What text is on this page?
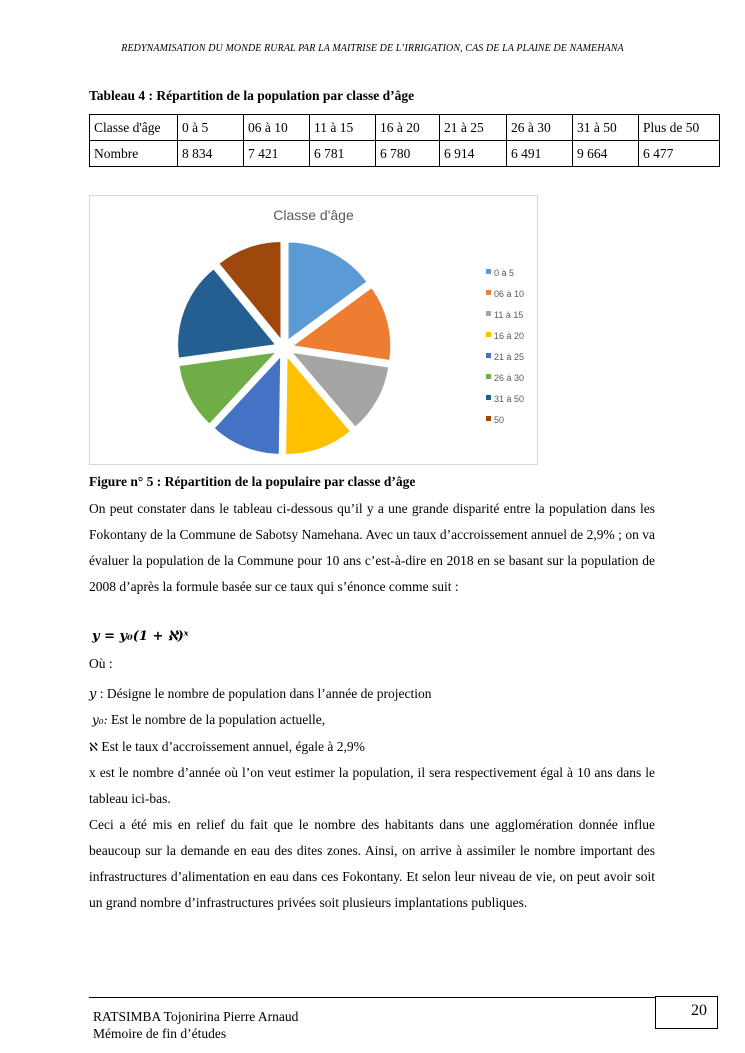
REDYNAMISATION DU MONDE RURAL PAR LA MAITRISE DE L’IRRIGATION, CAS DE LA PLAINE DE NAMEHANA
Tableau 4 : Répartition de la population par classe d’âge
Classe d'âge	0 à 5	06 à 10	11 à 15	16 à 20	21 à 25	26 à 30	31 à 50	Plus de 50
Nombre	8 834	7 421	6 781	6 780	6 914	6 491	9 664	6 477
Classe d'âge
0 à 5
06 à 10
11 à 15
16 à 20
21 à 25
26 à 30
31 à 50
50
Figure n° 5 : Répartition de la populaire par classe d’âge
On peut constater dans le tableau ci-dessous qu’il y a une grande disparité entre la population dans les Fokontany de la Commune de Sabotsy Namehana. Avec un taux d’accroissement annuel de 2,9% ; on va évaluer la population de la Commune pour 10 ans c’est-à-dire en 2018 en se basant sur la population de 2008 d’après la formule basée sur ce taux qui s’énonce comme suit :
y = y₀(1 + ℵ)ˣ
Où :
y : Désigne le nombre de population dans l’année de projection
y₀: Est le nombre de la population actuelle,
ℵ Est le taux d’accroissement annuel, égale à 2,9%
x est le nombre d’année où l’on veut estimer la population, il sera respectivement égal à 10 ans dans le tableau ici-bas.
Ceci a été mis en relief du fait que le nombre des habitants dans une agglomération donnée influe beaucoup sur la demande en eau des dites zones. Ainsi, on arrive à assimiler le nombre important des infrastructures d’alimentation en eau dans ces Fokontany. Et selon leur niveau de vie, on peut avoir soit un grand nombre d’infrastructures privées soit plusieurs implantations publiques.
RATSIMBA Tojonirina Pierre Arnaud
Mémoire de fin d’études
20
